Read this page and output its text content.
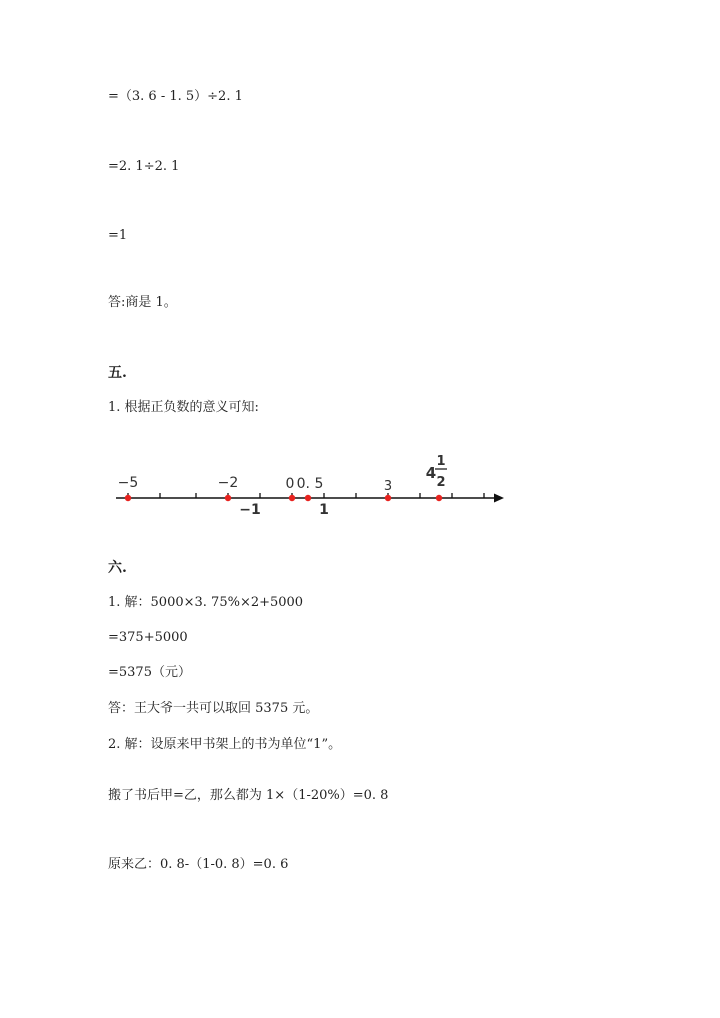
=（3. 6 - 1. 5）÷2. 1
=2. 1÷2. 1
=1
答:商是 1。
五.
1. 根据正负数的意义可知:
−5	−2	0 0. 5	3
4
1
2
−1	1
六.
1. 解：5000×3. 75%×2+5000
=375+5000
=5375（元）
答：王大爷一共可以取回 5375 元。
2. 解：设原来甲书架上的书为单位“1”。
搬了书后甲=乙，那么都为 1×（1-20%）=0. 8
原来乙：0. 8-（1-0. 8）=0. 6
